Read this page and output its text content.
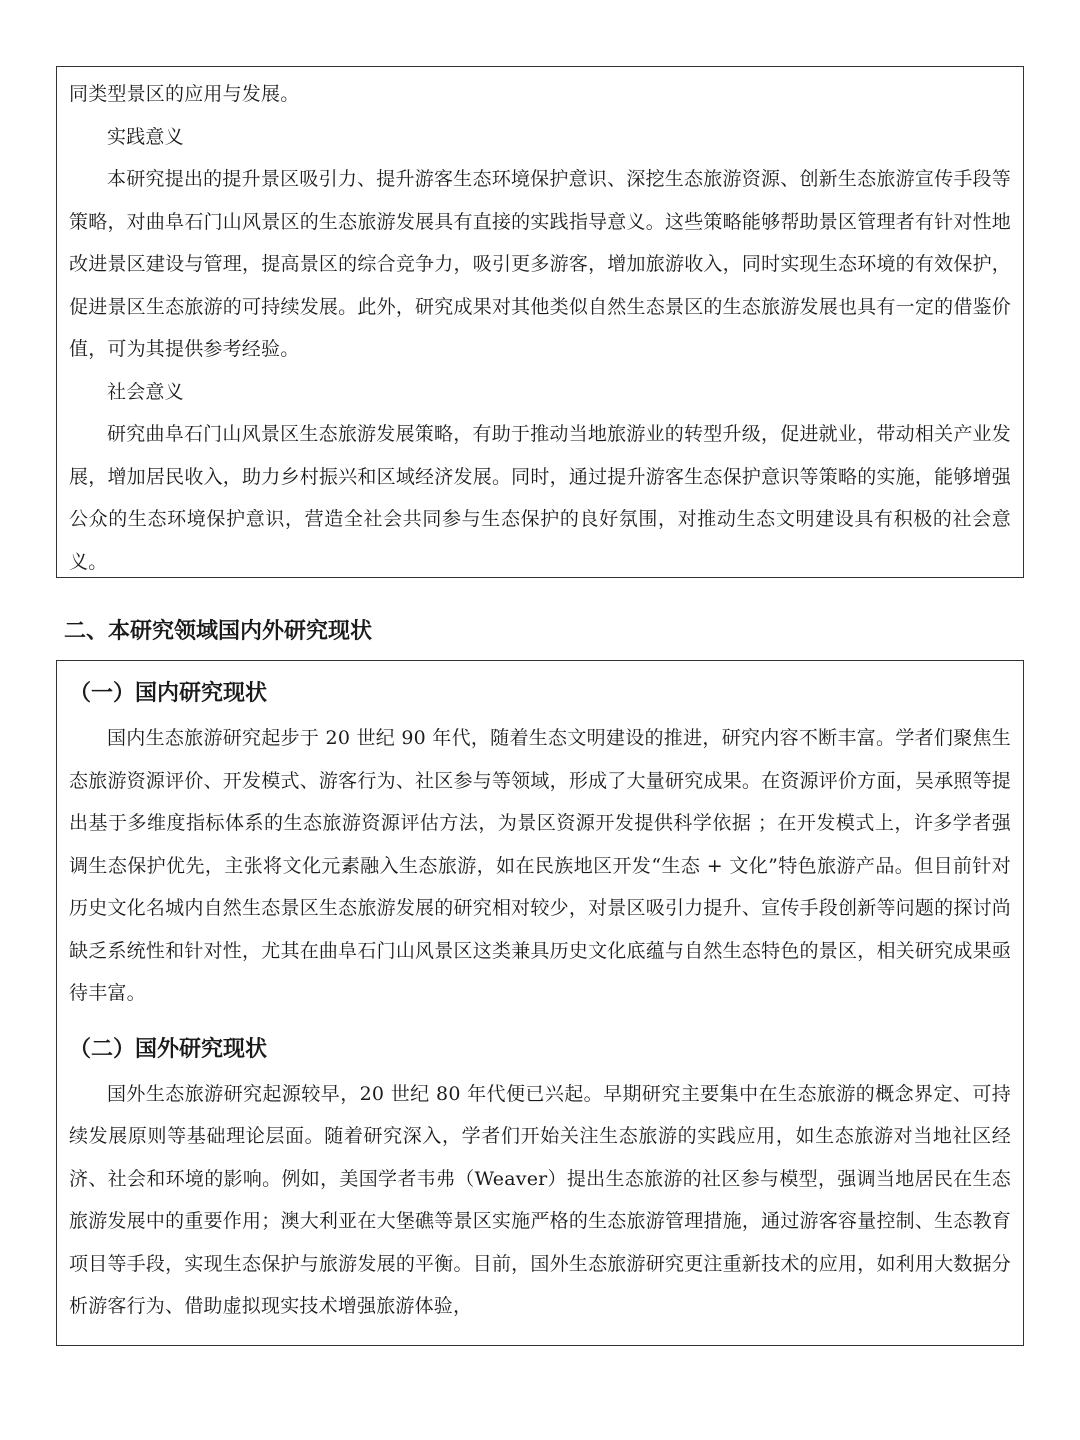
同类型景区的应用与发展。

实践意义

本研究提出的提升景区吸引力、提升游客生态环境保护意识、深挖生态旅游资源、创新生态旅游宣传手段等策略，对曲阜石门山风景区的生态旅游发展具有直接的实践指导意义。这些策略能够帮助景区管理者有针对性地改进景区建设与管理，提高景区的综合竞争力，吸引更多游客，增加旅游收入，同时实现生态环境的有效保护，促进景区生态旅游的可持续发展。此外，研究成果对其他类似自然生态景区的生态旅游发展也具有一定的借鉴价值，可为其提供参考经验。

社会意义

研究曲阜石门山风景区生态旅游发展策略，有助于推动当地旅游业的转型升级，促进就业，带动相关产业发展，增加居民收入，助力乡村振兴和区域经济发展。同时，通过提升游客生态保护意识等策略的实施，能够增强公众的生态环境保护意识，营造全社会共同参与生态保护的良好氛围，对推动生态文明建设具有积极的社会意义。

二、本研究领域国内外研究现状
（一）国内研究现状

国内生态旅游研究起步于 20 世纪 90 年代，随着生态文明建设的推进，研究内容不断丰富。学者们聚焦生态旅游资源评价、开发模式、游客行为、社区参与等领域，形成了大量研究成果。在资源评价方面，吴承照等提出基于多维度指标体系的生态旅游资源评估方法，为景区资源开发提供科学依据 ；在开发模式上，许多学者强调生态保护优先，主张将文化元素融入生态旅游，如在民族地区开发“生态 + 文化”特色旅游产品。但目前针对历史文化名城内自然生态景区生态旅游发展的研究相对较少，对景区吸引力提升、宣传手段创新等问题的探讨尚缺乏系统性和针对性，尤其在曲阜石门山风景区这类兼具历史文化底蕴与自然生态特色的景区，相关研究成果亟待丰富。

（二）国外研究现状

国外生态旅游研究起源较早，20 世纪 80 年代便已兴起。早期研究主要集中在生态旅游的概念界定、可持续发展原则等基础理论层面。随着研究深入，学者们开始关注生态旅游的实践应用，如生态旅游对当地社区经济、社会和环境的影响。例如，美国学者韦弗（Weaver）提出生态旅游的社区参与模型，强调当地居民在生态旅游发展中的重要作用；澳大利亚在大堡礁等景区实施严格的生态旅游管理措施，通过游客容量控制、生态教育项目等手段，实现生态保护与旅游发展的平衡。目前，国外生态旅游研究更注重新技术的应用，如利用大数据分析游客行为、借助虚拟现实技术增强旅游体验，
